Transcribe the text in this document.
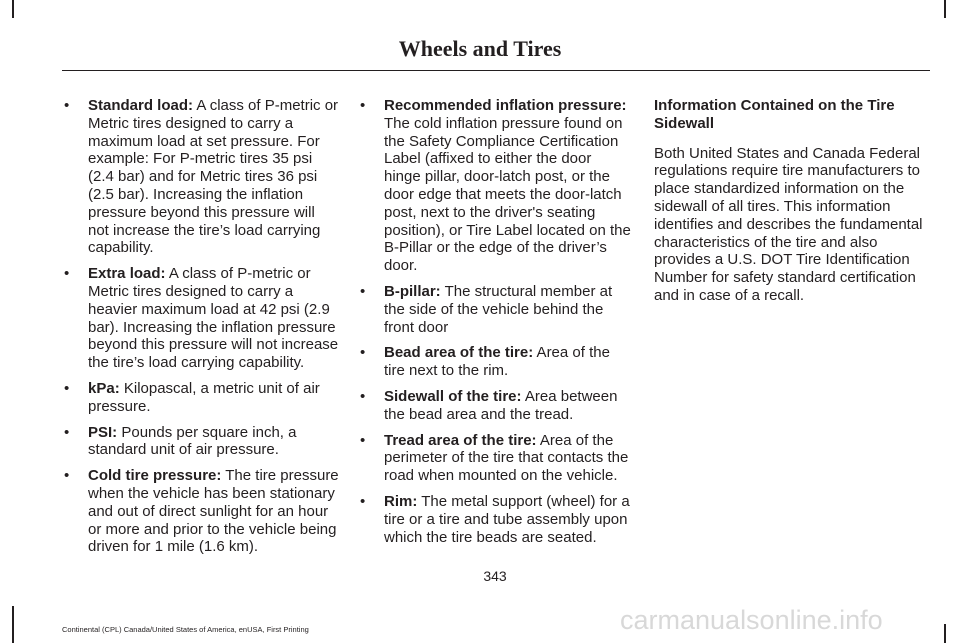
Wheels and Tires
• Standard load: A class of P-metric or Metric tires designed to carry a maximum load at set pressure. For example: For P-metric tires 35 psi (2.4 bar) and for Metric tires 36 psi (2.5 bar). Increasing the inflation pressure beyond this pressure will not increase the tire’s load carrying capability.
• Extra load: A class of P-metric or Metric tires designed to carry a heavier maximum load at 42 psi (2.9 bar). Increasing the inflation pressure beyond this pressure will not increase the tire’s load carrying capability.
• kPa: Kilopascal, a metric unit of air pressure.
• PSI: Pounds per square inch, a standard unit of air pressure.
• Cold tire pressure: The tire pressure when the vehicle has been stationary and out of direct sunlight for an hour or more and prior to the vehicle being driven for 1 mile (1.6 km).
• Recommended inflation pressure: The cold inflation pressure found on the Safety Compliance Certification Label (affixed to either the door hinge pillar, door-latch post, or the door edge that meets the door-latch post, next to the driver's seating position), or Tire Label located on the B-Pillar or the edge of the driver’s door.
• B-pillar: The structural member at the side of the vehicle behind the front door
• Bead area of the tire: Area of the tire next to the rim.
• Sidewall of the tire: Area between the bead area and the tread.
• Tread area of the tire: Area of the perimeter of the tire that contacts the road when mounted on the vehicle.
• Rim: The metal support (wheel) for a tire or a tire and tube assembly upon which the tire beads are seated.

Information Contained on the Tire Sidewall

Both United States and Canada Federal regulations require tire manufacturers to place standardized information on the sidewall of all tires. This information identifies and describes the fundamental characteristics of the tire and also provides a U.S. DOT Tire Identification Number for safety standard certification and in case of a recall.

343
Continental (CPL) Canada/United States of America, enUSA, First Printing	carmanualsonline.info
